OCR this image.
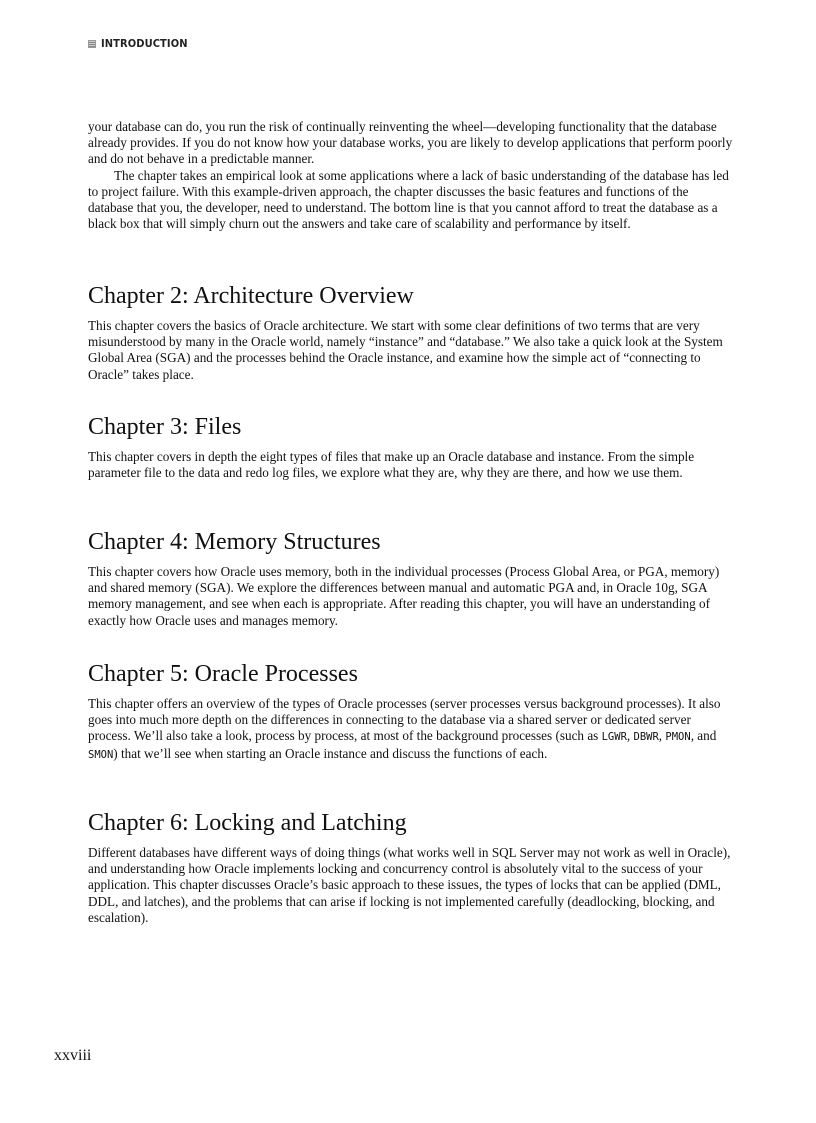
INTRODUCTION

your database can do, you run the risk of continually reinventing the wheel—developing functionality that the database already provides. If you do not know how your database works, you are likely to develop applications that perform poorly and do not behave in a predictable manner.

The chapter takes an empirical look at some applications where a lack of basic understanding of the database has led to project failure. With this example-driven approach, the chapter discusses the basic features and functions of the database that you, the developer, need to understand. The bottom line is that you cannot afford to treat the database as a black box that will simply churn out the answers and take care of scalability and performance by itself.

Chapter 2: Architecture Overview

This chapter covers the basics of Oracle architecture. We start with some clear definitions of two terms that are very misunderstood by many in the Oracle world, namely “instance” and “database.” We also take a quick look at the System Global Area (SGA) and the processes behind the Oracle instance, and examine how the simple act of “connecting to Oracle” takes place.

Chapter 3: Files

This chapter covers in depth the eight types of files that make up an Oracle database and instance. From the simple parameter file to the data and redo log files, we explore what they are, why they are there, and how we use them.

Chapter 4: Memory Structures

This chapter covers how Oracle uses memory, both in the individual processes (Process Global Area, or PGA, memory) and shared memory (SGA). We explore the differences between manual and automatic PGA and, in Oracle 10g, SGA memory management, and see when each is appropriate. After reading this chapter, you will have an understanding of exactly how Oracle uses and manages memory.

Chapter 5: Oracle Processes

This chapter offers an overview of the types of Oracle processes (server processes versus background processes). It also goes into much more depth on the differences in connecting to the database via a shared server or dedicated server process. We’ll also take a look, process by process, at most of the background processes (such as LGWR, DBWR, PMON, and SMON) that we’ll see when starting an Oracle instance and discuss the functions of each.

Chapter 6: Locking and Latching

Different databases have different ways of doing things (what works well in SQL Server may not work as well in Oracle), and understanding how Oracle implements locking and concurrency control is absolutely vital to the success of your application. This chapter discusses Oracle’s basic approach to these issues, the types of locks that can be applied (DML, DDL, and latches), and the problems that can arise if locking is not implemented carefully (deadlocking, blocking, and escalation).

xxviii
